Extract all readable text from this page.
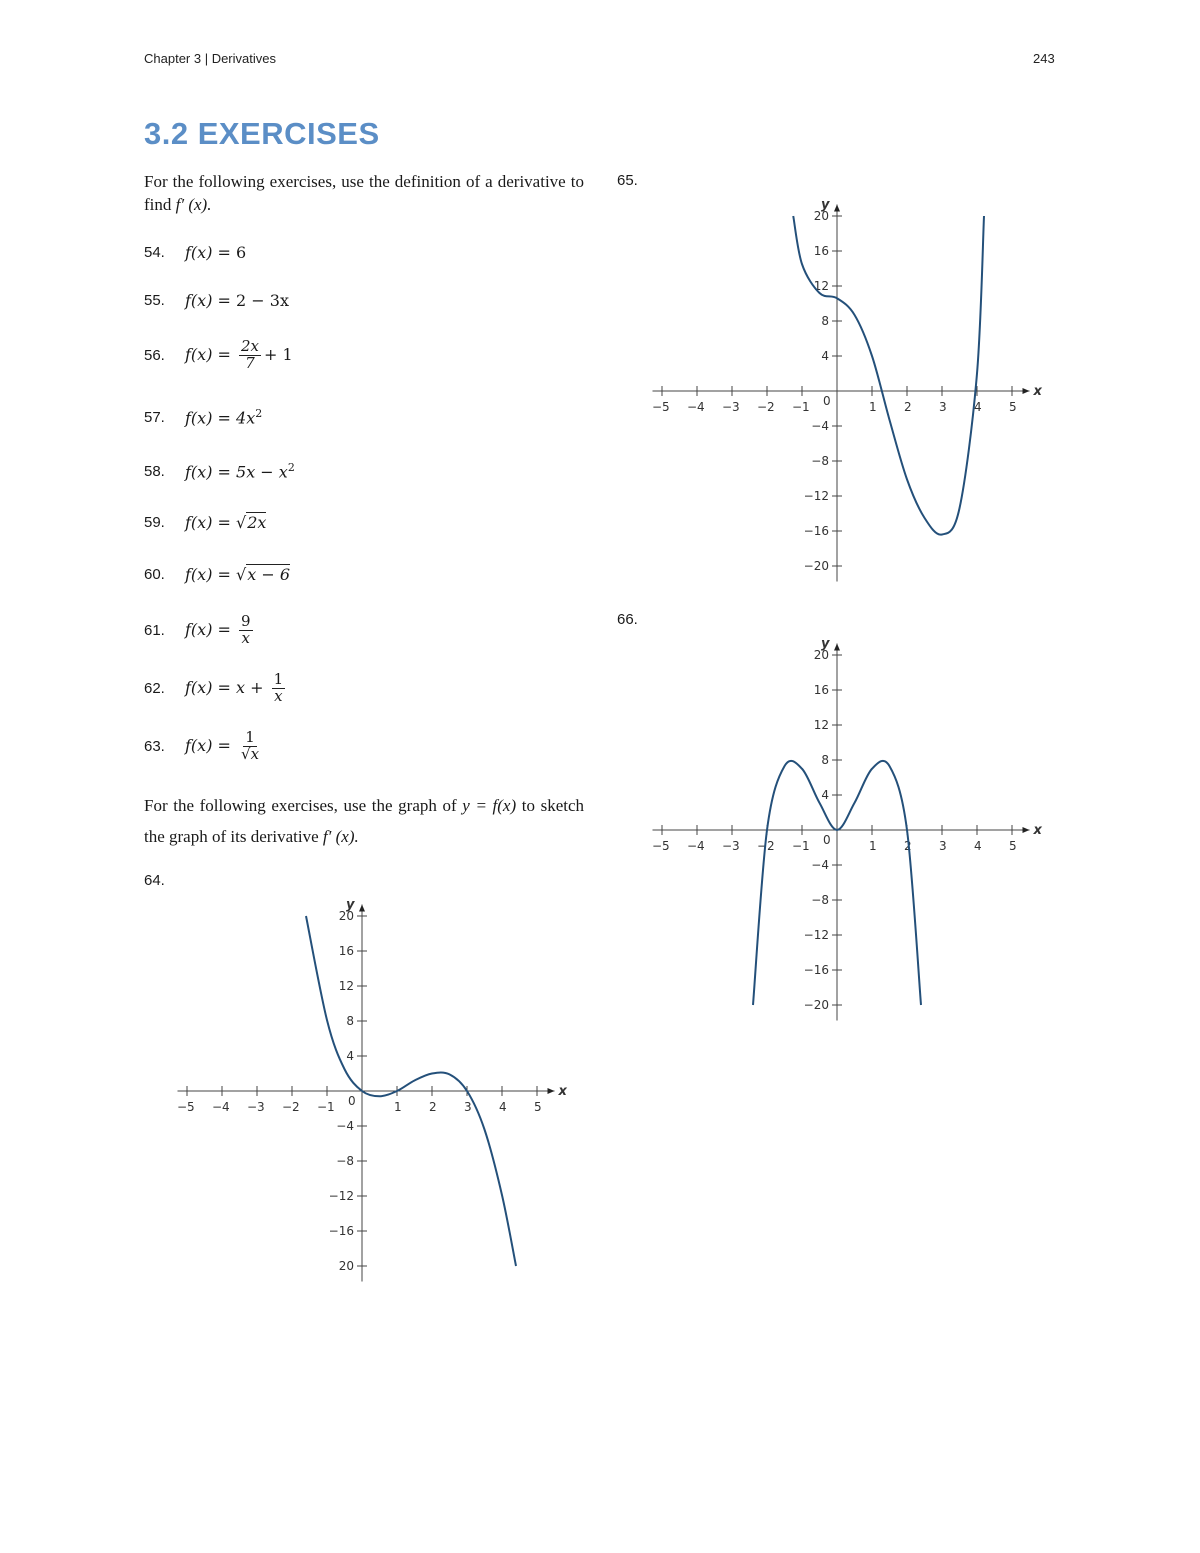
Chapter 3 | Derivatives	243
3.2 EXERCISES
For the following exercises, use the definition of a derivative to find f′ (x).
54.	f(x) = 6
55.	f(x) = 2 − 3x
56.	$f(x) = \frac{2x}{7} + 1$
57.	$f(x) = 4x^2$
58.	$f(x) = 5x - x^2$
59.	f(x) = √2x
60.	f(x) = √x − 6
61.	$f(x) = \frac{9}{x}$
62.	$f(x) = x + \frac{1}{x}$
63.	$f(x) = \frac{1}{√x}$
For the following exercises, use the graph of y = f(x) to sketch the graph of its derivative f′ (x).
64.
65.
66.
x
y
−5 −4 −3 −2 −1 0	1 2 3 4 5
20
16
12
8
4
−4
−8
−12
−16
20
x
y
−5 −4 −3 −2 −1 0	1 2 3 4 5
20
16
12
8
4
−4
−8
−12
−16
−20
x
y
−5 −4 −3 −2 −1 0	1 2 3 4 5
20
16
12
8
4
−4
−8
−12
−16
−20
